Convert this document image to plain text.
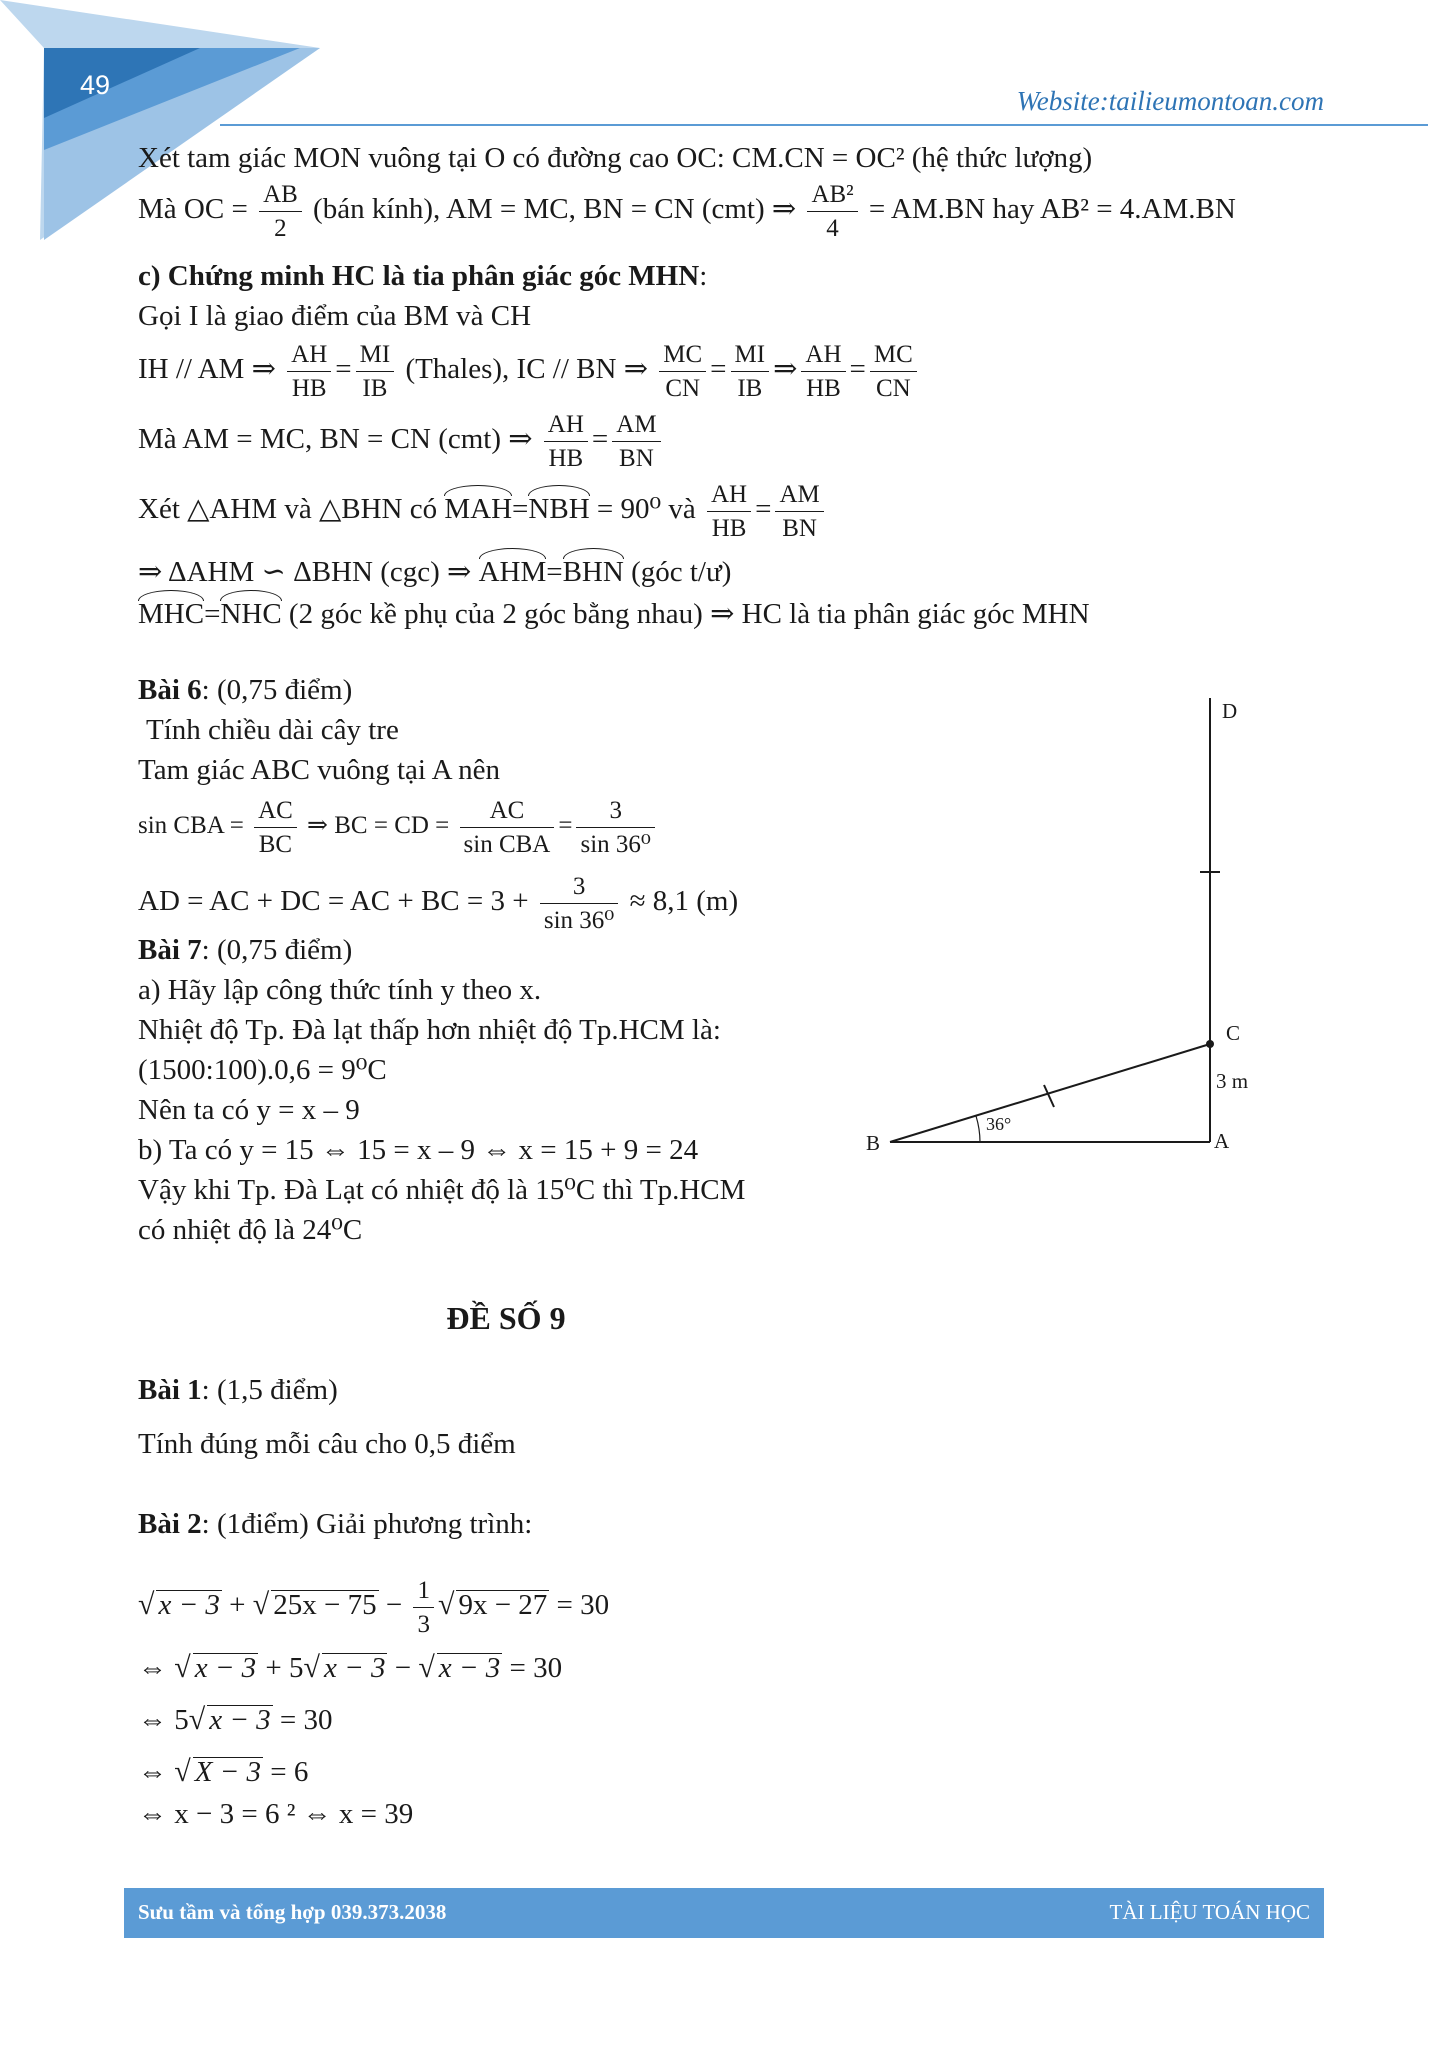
49
Website:tailieumontoan.com
Xét tam giác MON vuông tại O có đường cao OC: CM.CN = OC² (hệ thức lượng)
Mà OC = $\frac{AB}{2}$ (bán kính), AM = MC, BN = CN (cmt) ⇒ $\frac{\text{AB²}}{4} = AM.BN$ hay AB² = 4.AM.BN
c) Chứng minh HC là tia phân giác góc MHN:
Gọi I là giao điểm của BM và CH
IH // AM ⇒ $\frac{AH}{HB} = \frac{MI}{IB}$ (Thales), IC // BN ⇒ $\frac{MC}{CN} = \frac{MI}{IB}$ ⇒ $\frac{AH}{HB} = \frac{MC}{CN}$
Mà AM = MC, BN = CN (cmt) ⇒ $\frac{AH}{HB} = \frac{AM}{BN}$
Xét △AHM và △BHN có MAH=NBH = 90⁰ và $\frac{AH}{HB} = \frac{AM}{BN}$
⇒ ΔAHM ∽ ΔBHN (cgc) ⇒ AHM=BHN (góc t/ư)
MHC=NHC (2 góc kề phụ của 2 góc bằng nhau) ⇒ HC là tia phân giác góc MHN
Bài 6: (0,75 điểm)
Tính chiều dài cây tre
Tam giác ABC vuông tại A nên
sin CBA = $\frac{AC}{BC}$ ⇒ BC = CD = $\frac{AC}{\text{sin CBA}} = \frac{3}{\text{sin 36⁰}}$
AD = AC + DC = AC + BC = $3 + \frac{3}{\text{sin 36⁰}} \approx 8,1$ (m)
Bài 7: (0,75 điểm)
a) Hãy lập công thức tính y theo x.
Nhiệt độ Tp. Đà lạt thấp hơn nhiệt độ Tp.HCM là:
(1500:100).0,6 = 9⁰C
Nên ta có y = x – 9
b) Ta có y = 15 ⇔ 15 = x – 9 ⇔ x = 15 + 9 = 24
Vậy khi Tp. Đà Lạt có nhiệt độ là 15⁰C thì Tp.HCM
có nhiệt độ là 24⁰C
ĐỀ SỐ 9
Bài 1: (1,5 điểm)
Tính đúng mỗi câu cho 0,5 điểm
Bài 2: (1điểm) Giải phương trình:
√ x − 3 + √ $25x - 75 - \frac{1}{3}$ √ 9x − 27 = 30
⇔ √ x − 3 + 5√ x − 3 − √ x − 3 = 30
⇔ 5√ x − 3 = 30
⇔ √ X − 3 = 6
⇔ x − 3 = 6 ² ⇔ x = 39
D
C
3 m
A
B
36°
Sưu tầm và tổng hợp 039.373.2038	TÀI LIỆU TOÁN HỌC
